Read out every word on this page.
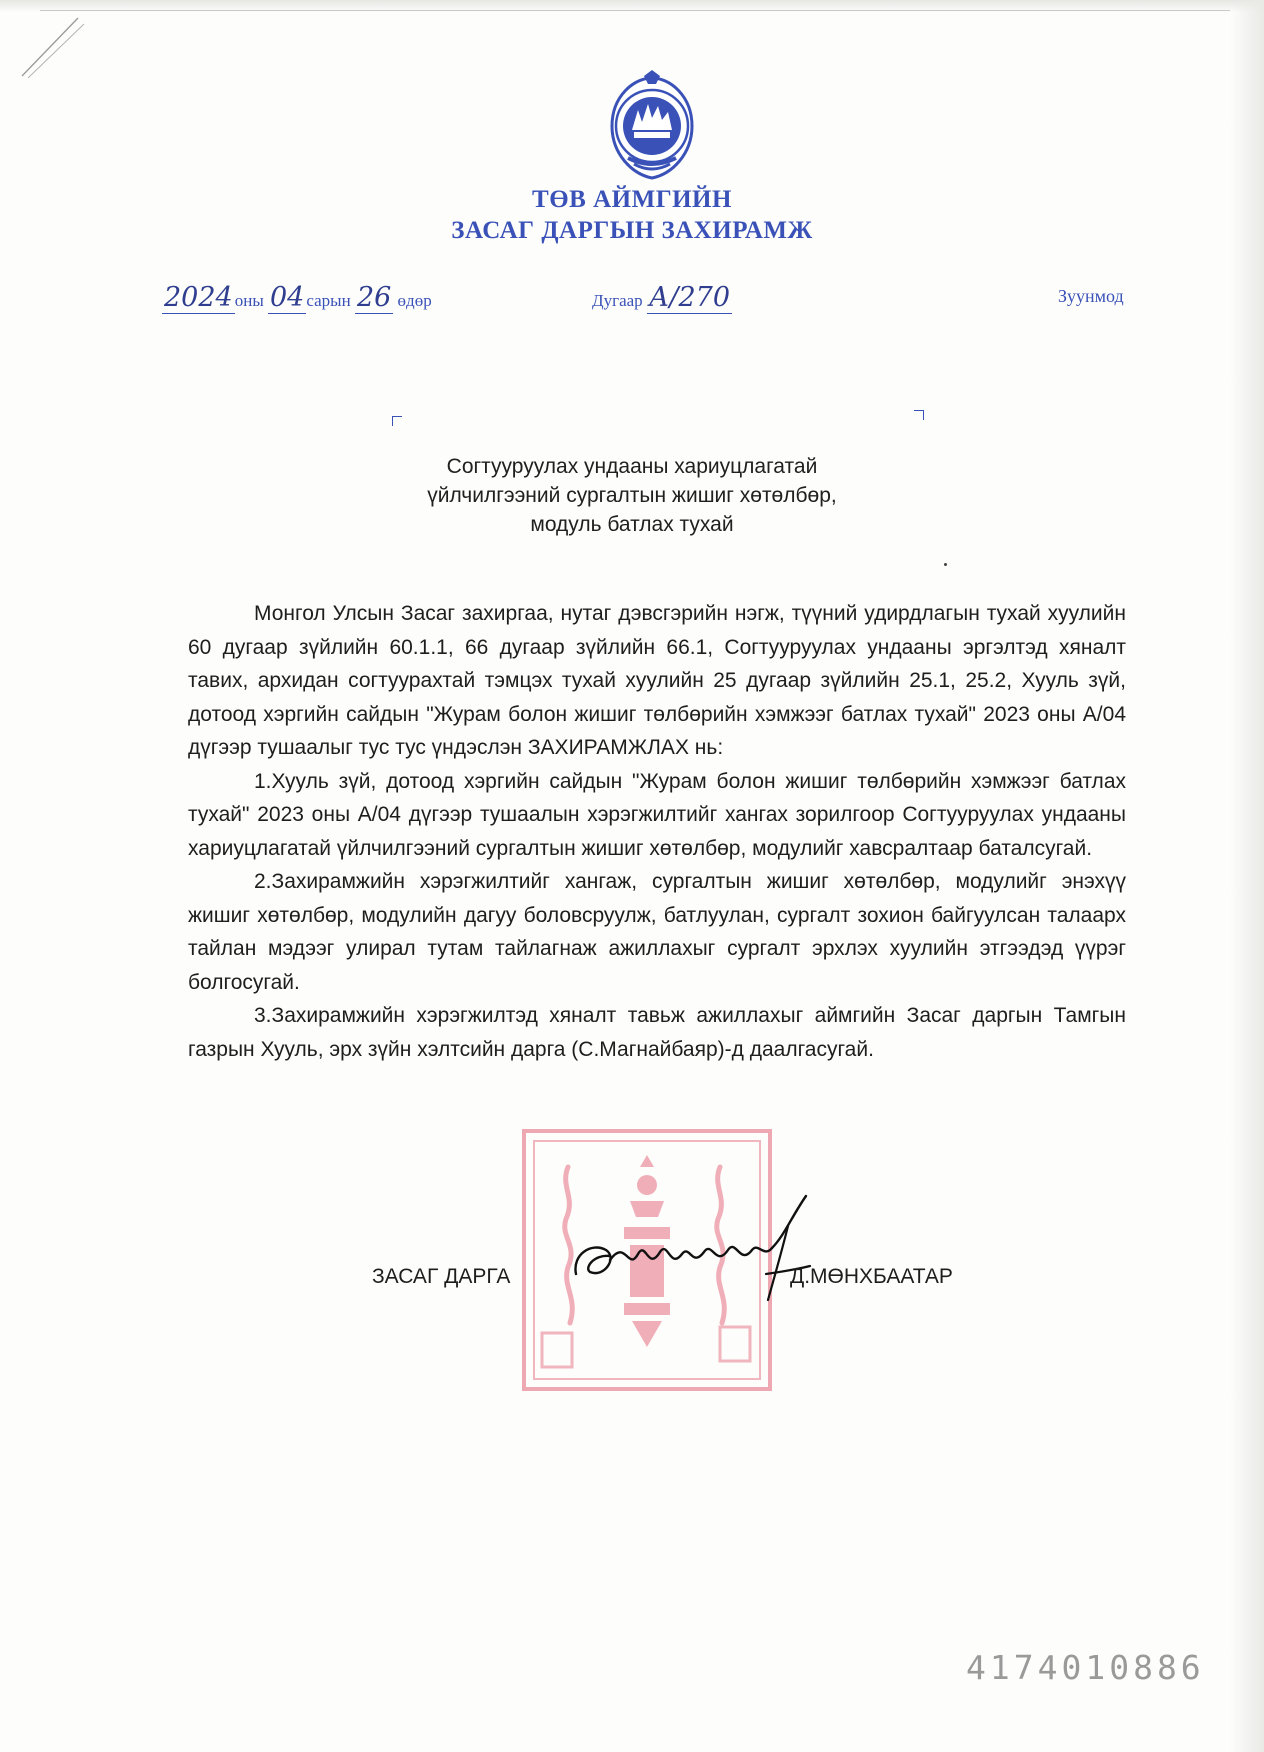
ТӨВ АЙМГИЙН
ЗАСАГ ДАРГЫН ЗАХИРАМЖ
2024 оны 04 сарын 26 өдөр	Дугаар А/270	Зуунмод
Согтууруулах ундааны хариуцлагатай
үйлчилгээний сургалтын жишиг хөтөлбөр,
модуль батлах тухай

Монгол Улсын Засаг захиргаа, нутаг дэвсгэрийн нэгж, түүний удирдлагын тухай хуулийн 60 дугаар зүйлийн 60.1.1, 66 дугаар зүйлийн 66.1, Согтууруулах ундааны эргэлтэд хяналт тавих, архидан согтуурахтай тэмцэх тухай хуулийн 25 дугаар зүйлийн 25.1, 25.2, Хууль зүй, дотоод хэргийн сайдын "Журам болон жишиг төлбөрийн хэмжээг батлах тухай" 2023 оны А/04 дүгээр тушаалыг тус тус үндэслэн ЗАХИРАМЖЛАХ нь:

1.Хууль зүй, дотоод хэргийн сайдын "Журам болон жишиг төлбөрийн хэмжээг батлах тухай" 2023 оны А/04 дүгээр тушаалын хэрэгжилтийг хангах зорилгоор Согтууруулах ундааны хариуцлагатай үйлчилгээний сургалтын жишиг хөтөлбөр, модулийг хавсралтаар баталсугай.

2.Захирамжийн хэрэгжилтийг хангаж, сургалтын жишиг хөтөлбөр, модулийг энэхүү жишиг хөтөлбөр, модулийн дагуу боловсруулж, батлуулан, сургалт зохион байгуулсан талаарх тайлан мэдээг улирал тутам тайлагнаж ажиллахыг сургалт эрхлэх хуулийн этгээдэд үүрэг болгосугай.

3.Захирамжийн хэрэгжилтэд хяналт тавьж ажиллахыг аймгийн Засаг даргын Тамгын газрын Хууль, эрх зүйн хэлтсийн дарга (С.Магнайбаяр)-д даалгасугай.

ЗАСАГ ДАРГА	Д.МӨНХБААТАР
4174010886
